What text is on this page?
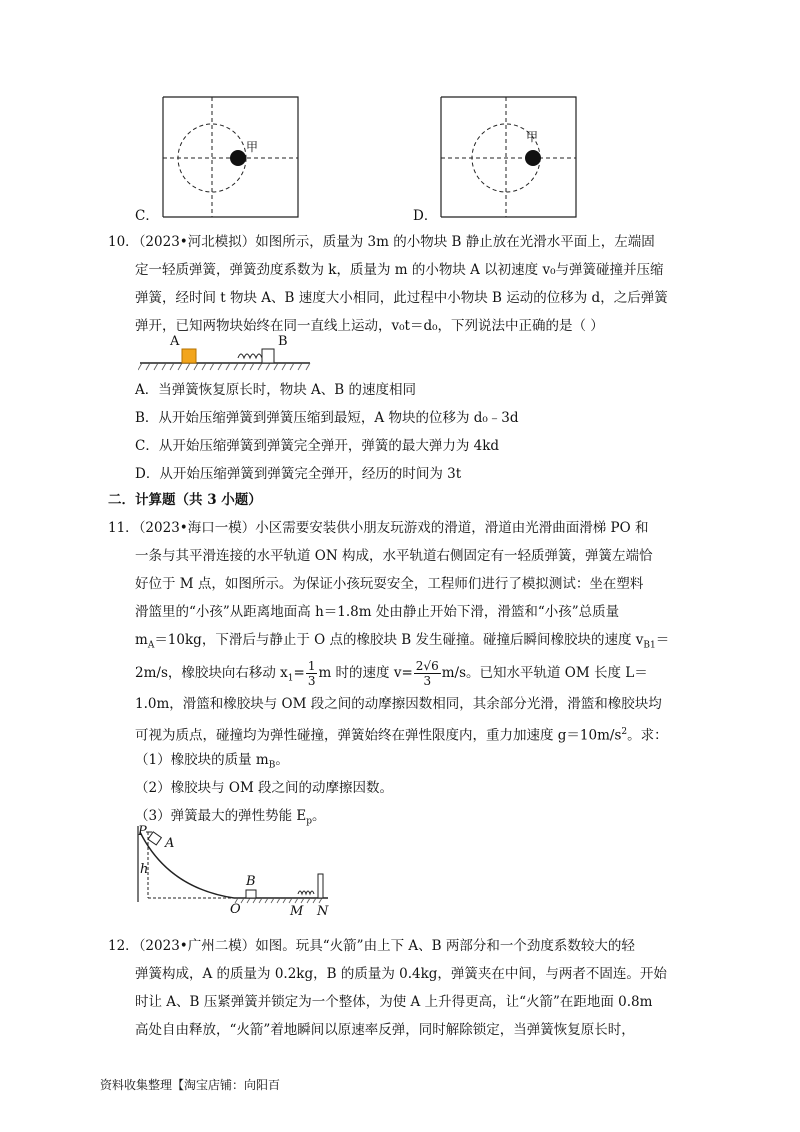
甲
C．
甲
D．
10．（2023•河北模拟）如图所示，质量为 3m 的小物块 B 静止放在光滑水平面上，左端固
定一轻质弹簧，弹簧劲度系数为 k，质量为 m 的小物块 A 以初速度 v₀与弹簧碰撞并压缩
弹簧，经时间 t 物块 A、B 速度大小相同，此过程中小物块 B 运动的位移为 d，之后弹簧
弹开，已知两物块始终在同一直线上运动，v₀t＝d₀，下列说法中正确的是（ ）
A	B
A．当弹簧恢复原长时，物块 A、B 的速度相同
B．从开始压缩弹簧到弹簧压缩到最短，A 物块的位移为 d₀﹣3d
C．从开始压缩弹簧到弹簧完全弹开，弹簧的最大弹力为 4kd
D．从开始压缩弹簧到弹簧完全弹开，经历的时间为 3t
二．计算题（共 3 小题）
11．（2023•海口一模）小区需要安装供小朋友玩游戏的滑道，滑道由光滑曲面滑梯 PO 和
一条与其平滑连接的水平轨道 ON 构成，水平轨道右侧固定有一轻质弹簧，弹簧左端恰
好位于 M 点，如图所示。为保证小孩玩耍安全，工程师们进行了模拟测试：坐在塑料
滑篮里的“小孩”从距离地面高 h＝1.8m 处由静止开始下滑，滑篮和“小孩”总质量
$m_A=10kg$，下滑后与静止于 O 点的橡胶块 B 发生碰撞。碰撞后瞬间橡胶块的速度 $v_{B1}=$
2m/s，橡胶块向右移动 $x_1= \frac{1}{3}$ m 时的速度 $v= \frac{2√6}{3} m/s$。已知水平轨道 OM 长度 L＝
1.0m，滑篮和橡胶块与 OM 段之间的动摩擦因数相同，其余部分光滑，滑篮和橡胶块均
可视为质点，碰撞均为弹性碰撞，弹簧始终在弹性限度内，重力加速度 $g=10m/s^2$。求：
（1）橡胶块的质量 $m_B$。
（2）橡胶块与 OM 段之间的动摩擦因数。
（3）弹簧最大的弹性势能 $E_p$。
P
A
h
B
O	M N
12．（2023•广州二模）如图。玩具“火箭”由上下 A、B 两部分和一个劲度系数较大的轻
弹簧构成，A 的质量为 0.2kg，B 的质量为 0.4kg，弹簧夹在中间，与两者不固连。开始
时让 A、B 压紧弹簧并锁定为一个整体，为使 A 上升得更高，让“火箭”在距地面 0.8m
高处自由释放，“火箭”着地瞬间以原速率反弹，同时解除锁定，当弹簧恢复原长时，
资料收集整理【淘宝店铺：向阳百
